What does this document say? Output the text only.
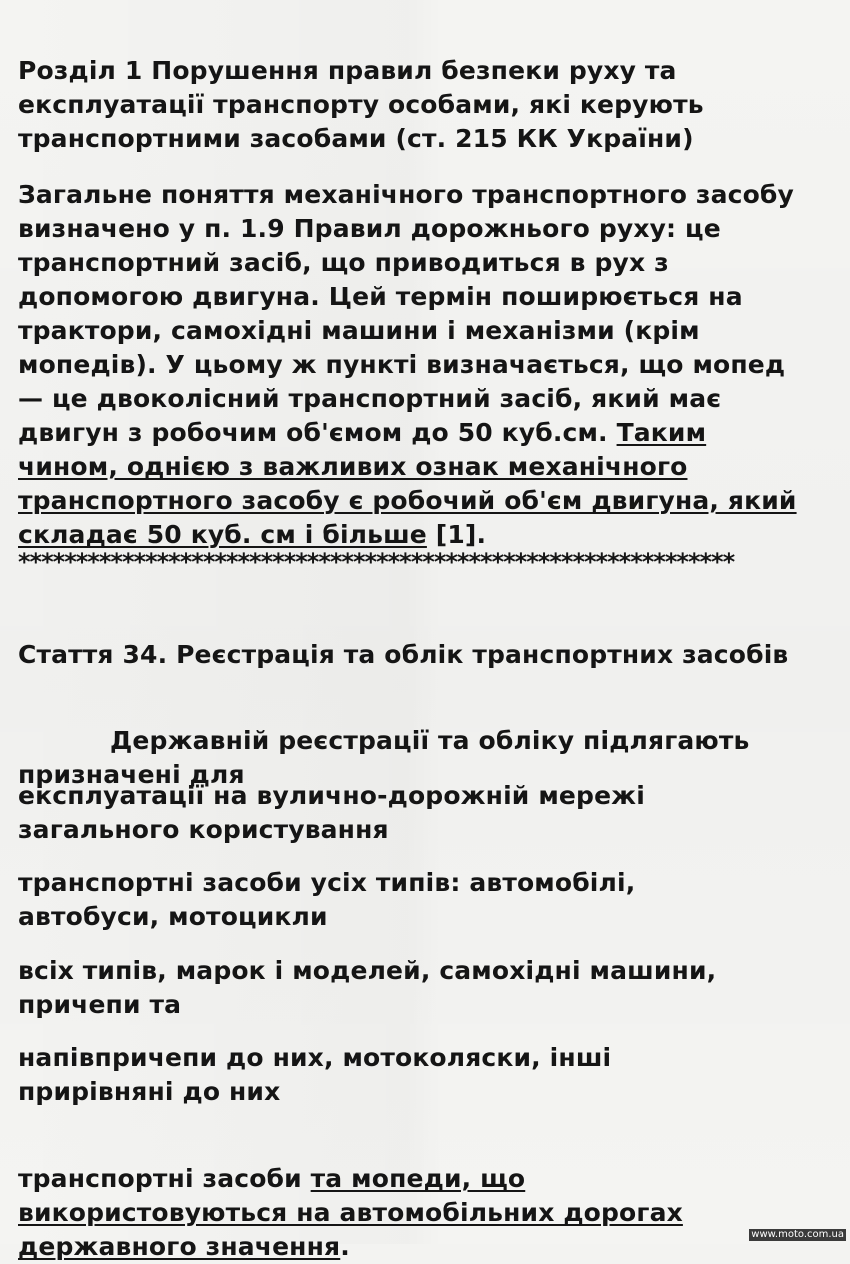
Розділ 1 Порушення правил безпеки руху та
експлуатації транспорту особами, які керують
транспортними засобами (ст. 215 КК України)

Загальне поняття механічного транспортного засобу
визначено у п. 1.9 Правил дорожнього руху: це
транспортний засіб, що приводиться в рух з
допомогою двигуна. Цей термін поширюється на
трактори, самохідні машини і механізми (крім
мопедів). У цьому ж пункті визначається, що мопед
— це двоколісний транспортний засіб, який має
двигун з робочим об'ємом до 50 куб.см. Таким
чином, однією з важливих ознак механічного
транспортного засобу є робочий об'єм двигуна, який
складає 50 куб. см і більше [1].

**************************************************************
Стаття 34. Реєстрація та облік транспортних засобів

Державній реєстрації та обліку підлягають
призначені для

експлуатації на вулично-дорожній мережі
загального користування
транспортні засоби усіх типів: автомобілі,
автобуси, мотоцикли
всіх типів, марок і моделей, самохідні машини,
причепи та
напівпричепи до них, мотоколяски, інші
прирівняні до них

транспортні засоби та мопеди, що
використовуються на автомобільних дорогах
державного значення.	www.moto.com.ua
